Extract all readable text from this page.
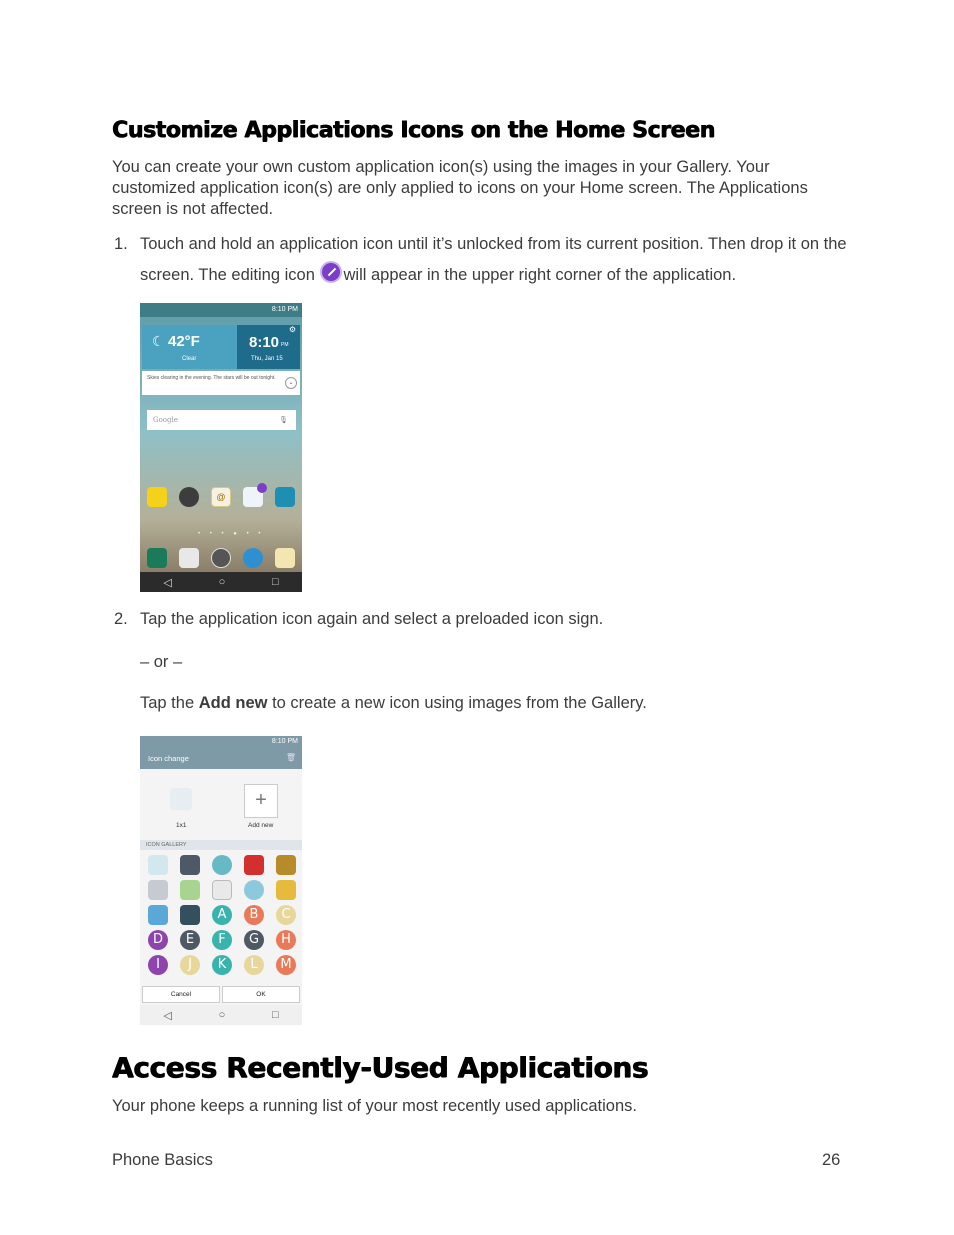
Customize Applications Icons on the Home Screen

You can create your own custom application icon(s) using the images in your Gallery. Your customized application icon(s) are only applied to icons on your Home screen. The Applications screen is not affected.

1. Touch and hold an application icon until it’s unlocked from its current position. Then drop it on the
screen. The editing icon will appear in the upper right corner of the application.
8:10 PM
42°F
☾
Clear
⚙
8:10 PM
Thu, Jan 15
Skies clearing in the evening. The stars will be out tonight.
⌄
Google	🎙
@
• • • ● • •
◁	○	□
2. Tap the application icon again and select a preloaded icon sign.
– or –
Tap the Add new to create a new icon using images from the Gallery.
8:10 PM
Icon change	🗑
1x1
+
Add new
ICON GALLERY
A	B	C
D	E	F	G	H
I	J	K	L	M
Cancel	OK
◁	○	□
Access Recently-Used Applications

Your phone keeps a running list of your most recently used applications.

Phone Basics	26
